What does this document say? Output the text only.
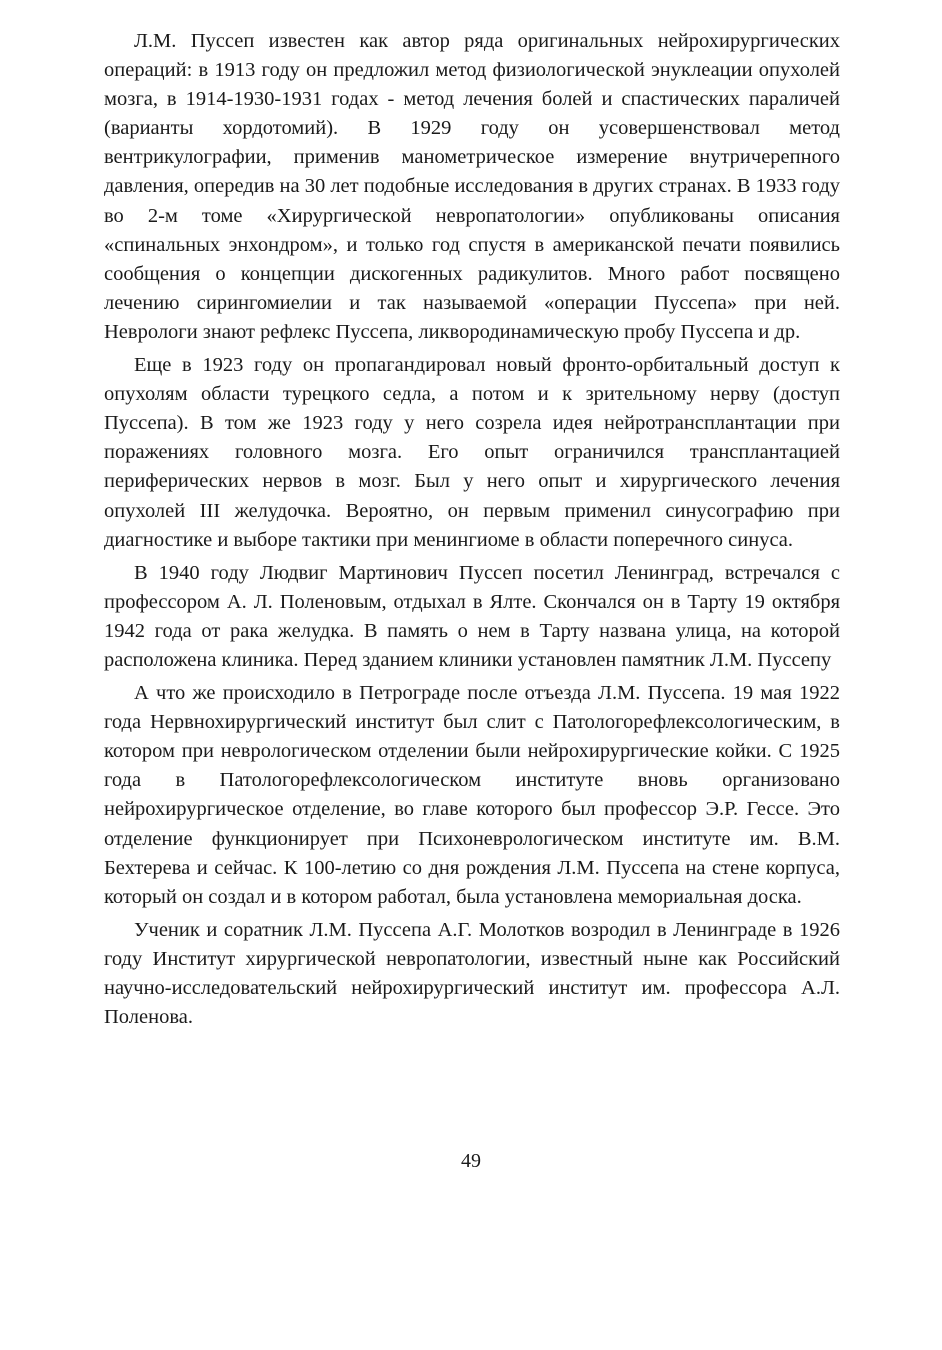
Л.М. Пуссеп известен как автор ряда оригинальных нейрохирургических операций: в 1913 году он предложил метод физиологической энуклеации опухолей мозга, в 1914-1930-1931 годах - метод лечения болей и спастических параличей (варианты хордотомий). В 1929 году он усовершенствовал метод вентрикулографии, применив манометрическое измерение внутричерепного давления, опередив на 30 лет подобные исследования в других странах. В 1933 году во 2-м томе «Хирургической невропатологии» опубликованы описания «спинальных энхондром», и только год спустя в американской печати появились сообщения о концепции дискогенных радикулитов. Много работ посвящено лечению сирингомиелии и так называемой «операции Пуссепа» при ней. Неврологи знают рефлекс Пуссепа, ликвородинамическую пробу Пуссепа и др.

Еще в 1923 году он пропагандировал новый фронто-орбитальный доступ к опухолям области турецкого седла, а потом и к зрительному нерву (доступ Пуссепа). В том же 1923 году у него созрела идея нейротрансплантации при поражениях головного мозга. Его опыт ограничился трансплантацией периферических нервов в мозг. Был у него опыт и хирургического лечения опухолей III желудочка. Вероятно, он первым применил синусографию при диагностике и выборе тактики при менингиоме в области поперечного синуса.

В 1940 году Людвиг Мартинович Пуссеп посетил Ленинград, встречался с профессором А. Л. Поленовым, отдыхал в Ялте. Скончался он в Тарту 19 октября 1942 года от рака желудка. В память о нем в Тарту названа улица, на которой расположена клиника. Перед зданием клиники установлен памятник Л.М. Пуссепу

А что же происходило в Петрограде после отъезда Л.М. Пуссепа. 19 мая 1922 года Нервнохирургический институт был слит с Патологорефлексологическим, в котором при неврологическом отделении были нейрохирургические койки. С 1925 года в Патологорефлексологическом институте вновь организовано нейрохирургическое отделение, во главе которого был профессор Э.Р. Гессе. Это отделение функционирует при Психоневрологическом институте им. В.М. Бехтерева и сейчас. К 100-летию со дня рождения Л.М. Пуссепа на стене корпуса, который он создал и в котором работал, была установлена мемориальная доска.

Ученик и соратник Л.М. Пуссепа А.Г. Молотков возродил в Ленинграде в 1926 году Институт хирургической невропатологии, известный ныне как Российский научно-исследовательский нейрохирургический институт им. профессора А.Л. Поленова.

49
